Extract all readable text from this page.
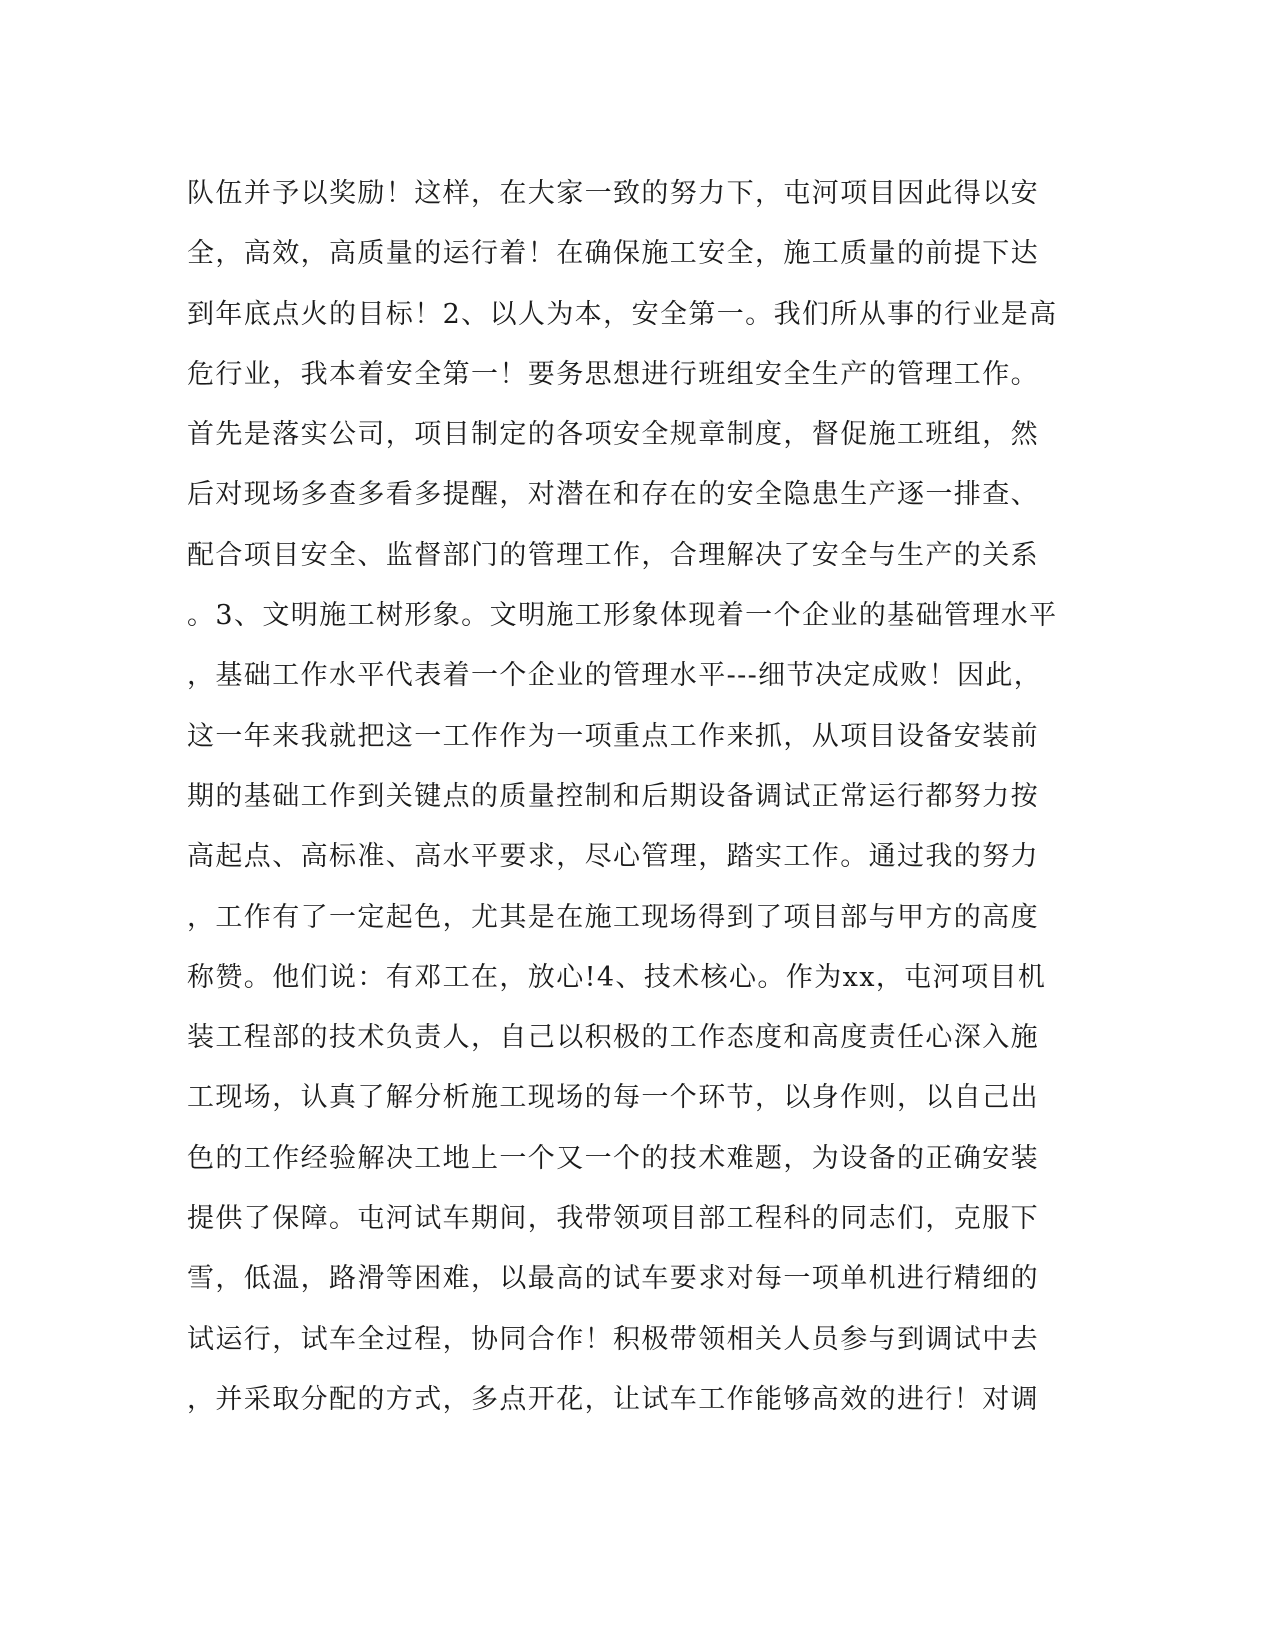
队伍并予以奖励！这样，在大家一致的努力下，屯河项目因此得以安
全，高效，高质量的运行着！在确保施工安全，施工质量的前提下达
到年底点火的目标！2、以人为本，安全第一。我们所从事的行业是高
危行业，我本着安全第一！要务思想进行班组安全生产的管理工作。
首先是落实公司，项目制定的各项安全规章制度，督促施工班组，然
后对现场多查多看多提醒，对潜在和存在的安全隐患生产逐一排查、
配合项目安全、监督部门的管理工作，合理解决了安全与生产的关系
。3、文明施工树形象。文明施工形象体现着一个企业的基础管理水平
，基础工作水平代表着一个企业的管理水平---细节决定成败！因此，
这一年来我就把这一工作作为一项重点工作来抓，从项目设备安装前
期的基础工作到关键点的质量控制和后期设备调试正常运行都努力按
高起点、高标准、高水平要求，尽心管理，踏实工作。通过我的努力
，工作有了一定起色，尤其是在施工现场得到了项目部与甲方的高度
称赞。他们说：有邓工在，放心!4、技术核心。作为xx，屯河项目机
装工程部的技术负责人，自己以积极的工作态度和高度责任心深入施
工现场，认真了解分析施工现场的每一个环节，以身作则，以自己出
色的工作经验解决工地上一个又一个的技术难题，为设备的正确安装
提供了保障。屯河试车期间，我带领项目部工程科的同志们，克服下
雪，低温，路滑等困难，以最高的试车要求对每一项单机进行精细的
试运行，试车全过程，协同合作！积极带领相关人员参与到调试中去
，并采取分配的方式，多点开花，让试车工作能够高效的进行！对调
